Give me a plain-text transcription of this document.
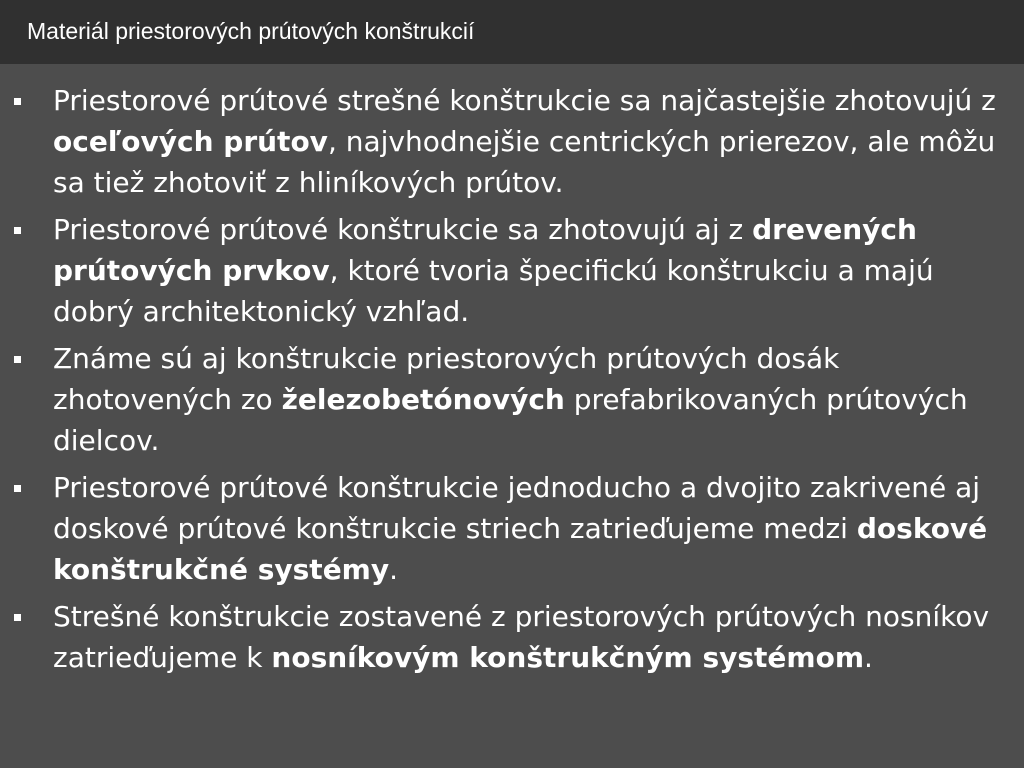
Materiál priestorových prútových konštrukcií
Priestorové prútové strešné konštrukcie sa najčastejšie zhotovujú z oceľových prútov, najvhodnejšie centrických prierezov, ale môžu sa tiež zhotoviť z hliníkových prútov.
Priestorové prútové konštrukcie sa zhotovujú aj z drevených prútových prvkov, ktoré tvoria špecifickú konštrukciu a majú dobrý architektonický vzhľad.
Známe sú aj konštrukcie priestorových prútových dosák zhotovených zo železobetónových prefabrikovaných prútových dielcov.
Priestorové prútové konštrukcie jednoducho a dvojito zakrivené aj doskové prútové konštrukcie striech zatrieďujeme medzi doskové konštrukčné systémy.
Strešné konštrukcie zostavené z priestorových prútových nosníkov zatrieďujeme k nosníkovým konštrukčným systémom.
